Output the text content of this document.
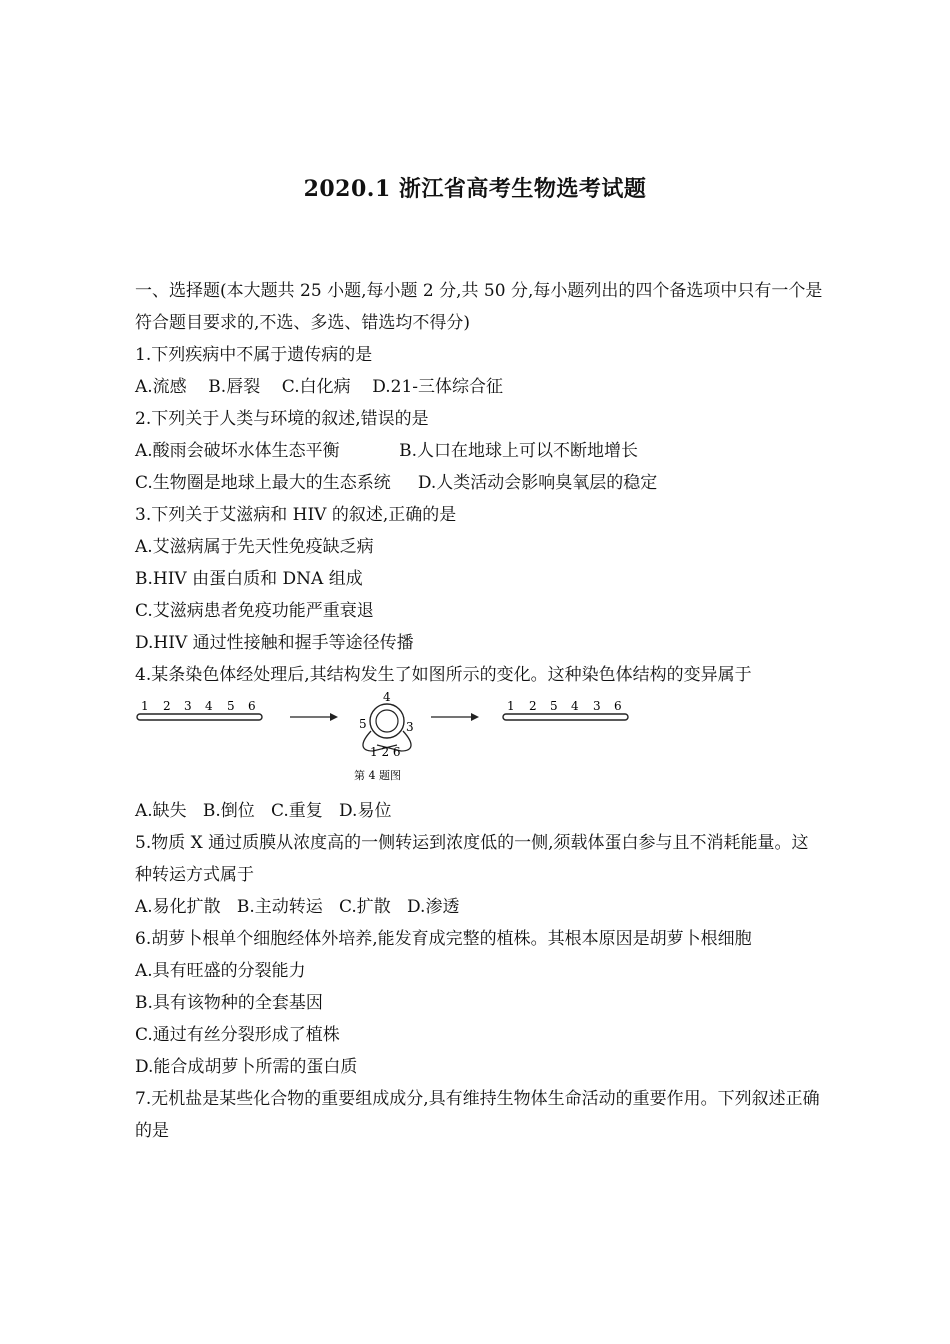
2020.1 浙江省高考生物选考试题
一、选择题(本大题共 25 小题,每小题 2 分,共 50 分,每小题列出的四个备选项中只有一个是符合题目要求的,不选、多选、错选均不得分)
1.下列疾病中不属于遗传病的是
A.流感    B.唇裂    C.白化病    D.21-三体综合征
2.下列关于人类与环境的叙述,错误的是
A.酸雨会破坏水体生态平衡           B.人口在地球上可以不断地增长
C.生物圈是地球上最大的生态系统     D.人类活动会影响臭氧层的稳定
3.下列关于艾滋病和 HIV 的叙述,正确的是
A.艾滋病属于先天性免疫缺乏病
B.HIV 由蛋白质和 DNA 组成
C.艾滋病患者免疫功能严重衰退
D.HIV 通过性接触和握手等途径传播
4.某条染色体经处理后,其结构发生了如图所示的变化。这种染色体结构的变异属于
1 2 3 4 5 6
4
5	3
1 2 6
第 4 题图
1 2 5 4 3 6
A.缺失   B.倒位   C.重复   D.易位
5.物质 X 通过质膜从浓度高的一侧转运到浓度低的一侧,须载体蛋白参与且不消耗能量。这种转运方式属于
A.易化扩散   B.主动转运   C.扩散   D.渗透
6.胡萝卜根单个细胞经体外培养,能发育成完整的植株。其根本原因是胡萝卜根细胞
A.具有旺盛的分裂能力
B.具有该物种的全套基因
C.通过有丝分裂形成了植株
D.能合成胡萝卜所需的蛋白质
7.无机盐是某些化合物的重要组成成分,具有维持生物体生命活动的重要作用。下列叙述正确的是
